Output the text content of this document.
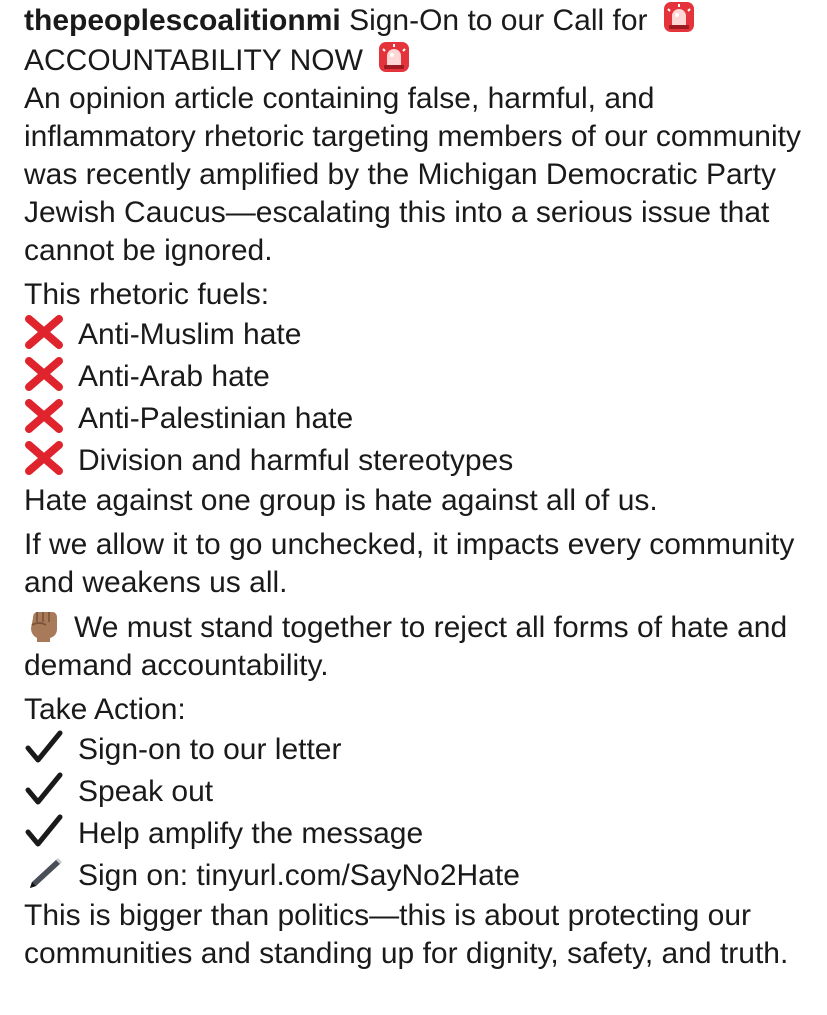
thepeoplescoalitionmi Sign-On to our Call for
ACCOUNTABILITY NOW

An opinion article containing false, harmful, and inflammatory rhetoric targeting members of our community was recently amplified by the Michigan Democratic Party Jewish Caucus—escalating this into a serious issue that cannot be ignored.

This rhetoric fuels:

Anti-Muslim hate
Anti-Arab hate
Anti-Palestinian hate
Division and harmful stereotypes

Hate against one group is hate against all of us.

If we allow it to go unchecked, it impacts every community and weakens us all.

We must stand together to reject all forms of hate and demand accountability.

Take Action:

Sign-on to our letter
Speak out
Help amplify the message
Sign on: tinyurl.com/SayNo2Hate

This is bigger than politics—this is about protecting our communities and standing up for dignity, safety, and truth.
